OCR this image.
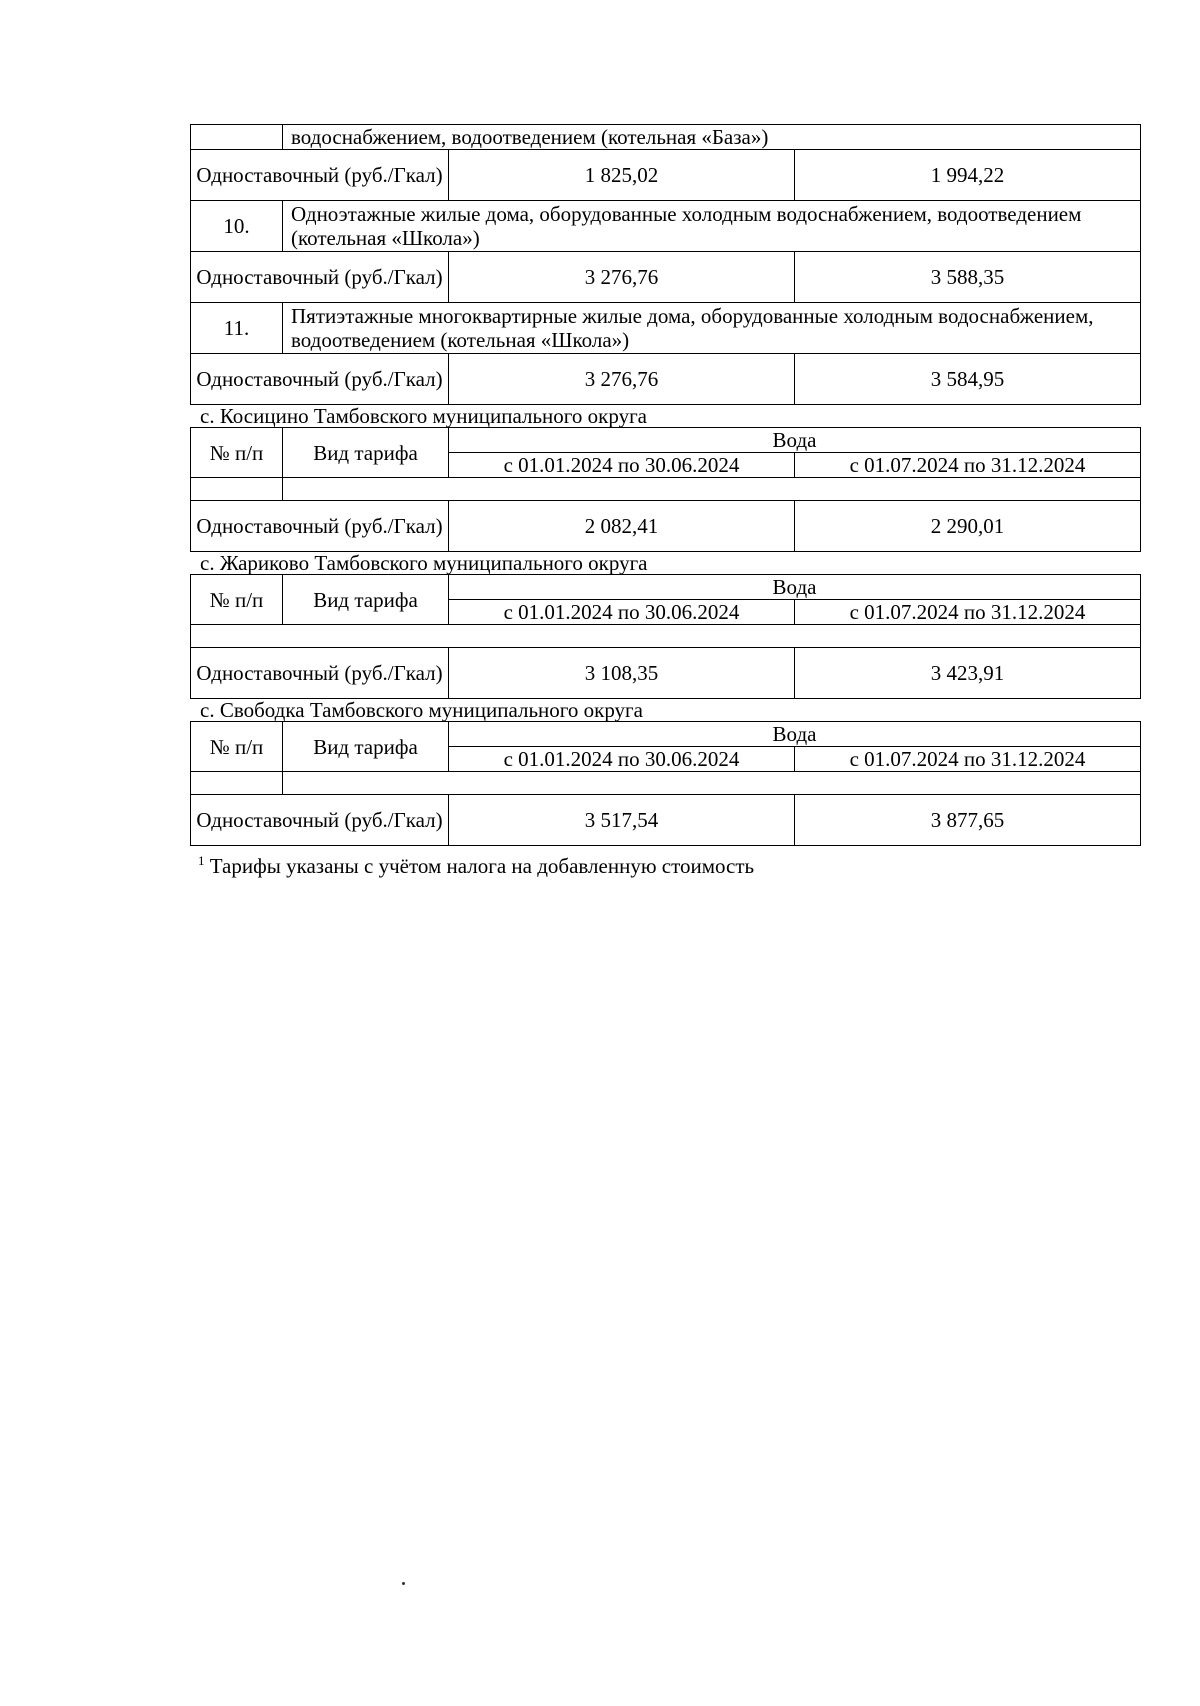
	водоснабжением, водоотведением (котельная «База»)		
Одноставочный (руб./Гкал)		1 825,02	1 994,22
10.	Одноэтажные жилые дома, оборудованные холодным водоснабжением, водоотведением (котельная «Школа»)		
Одноставочный (руб./Гкал)		3 276,76	3 588,35
11.	Пятиэтажные многоквартирные жилые дома, оборудованные холодным водоснабжением, водоотведением (котельная «Школа»)		
Одноставочный (руб./Гкал)		3 276,76	3 584,95
с. Косицино Тамбовского муниципального округа
№ п/п	Вид тарифа	Вода	
		с 01.01.2024 по 30.06.2024	с 01.07.2024 по 31.12.2024

Одноставочный (руб./Гкал)		2 082,41	2 290,01
с. Жариково Тамбовского муниципального округа
№ п/п	Вид тарифа	Вода	
		с 01.01.2024 по 30.06.2024	с 01.07.2024 по 31.12.2024

Одноставочный (руб./Гкал)		3 108,35	3 423,91
с. Свободка Тамбовского муниципального округа
№ п/п	Вид тарифа	Вода	
		с 01.01.2024 по 30.06.2024	с 01.07.2024 по 31.12.2024

Одноставочный (руб./Гкал)		3 517,54	3 877,65
$^1$ Тарифы указаны с учётом налога на добавленную стоимость
